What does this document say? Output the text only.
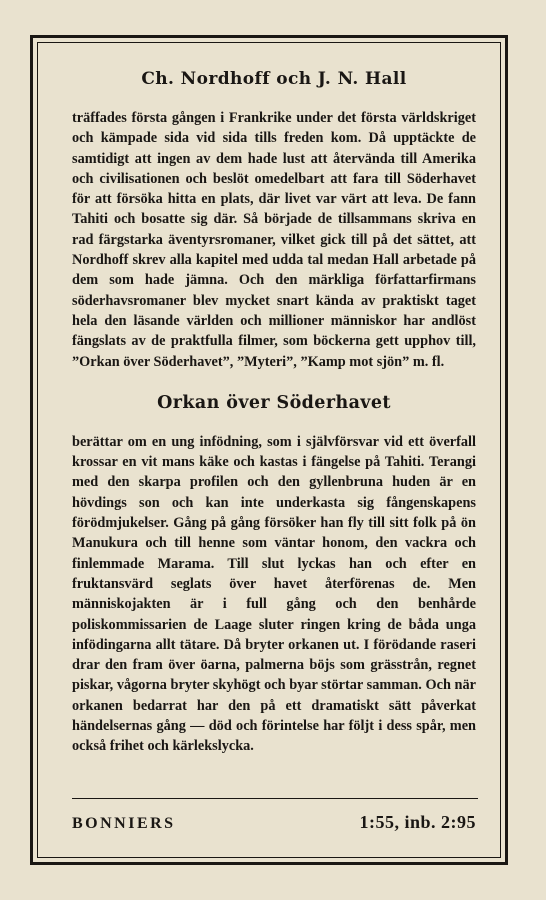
Ch. Nordhoff och J. N. Hall

träffades första gången i Frankrike under det första världskriget och kämpade sida vid sida tills freden kom. Då upptäckte de samtidigt att ingen av dem hade lust att återvända till Amerika och civilisationen och beslöt omedelbart att fara till Söderhavet för att försöka hitta en plats, där livet var värt att leva. De fann Tahiti och bosatte sig där. Så började de tillsammans skriva en rad färgstarka äventyrsromaner, vilket gick till på det sättet, att Nordhoff skrev alla kapitel med udda tal medan Hall arbetade på dem som hade jämna. Och den märkliga författarfirmans söderhavsromaner blev mycket snart kända av praktiskt taget hela den läsande världen och millioner människor har andlöst fängslats av de praktfulla filmer, som böckerna gett upphov till, ”Orkan över Söderhavet”, ”Myteri”, ”Kamp mot sjön” m. fl.

Orkan över Söderhavet

berättar om en ung infödning, som i självförsvar vid ett överfall krossar en vit mans käke och kastas i fängelse på Tahiti. Terangi med den skarpa profilen och den gyllenbruna huden är en hövdings son och kan inte underkasta sig fångenskapens förödmjukelser. Gång på gång försöker han fly till sitt folk på ön Manukura och till henne som väntar honom, den vackra och finlemmade Marama. Till slut lyckas han och efter en fruktansvärd seglats över havet återförenas de. Men människojakten är i full gång och den benhårde poliskommissarien de Laage sluter ringen kring de båda unga infödingarna allt tätare. Då bryter orkanen ut. I förödande raseri drar den fram över öarna, palmerna böjs som grässtrån, regnet piskar, vågorna bryter skyhögt och byar störtar samman. Och när orkanen bedarrat har den på ett dramatiskt sätt påverkat händelsernas gång — död och förintelse har följt i dess spår, men också frihet och kärlekslycka.

BONNIERS	1:55, inb. 2:95
